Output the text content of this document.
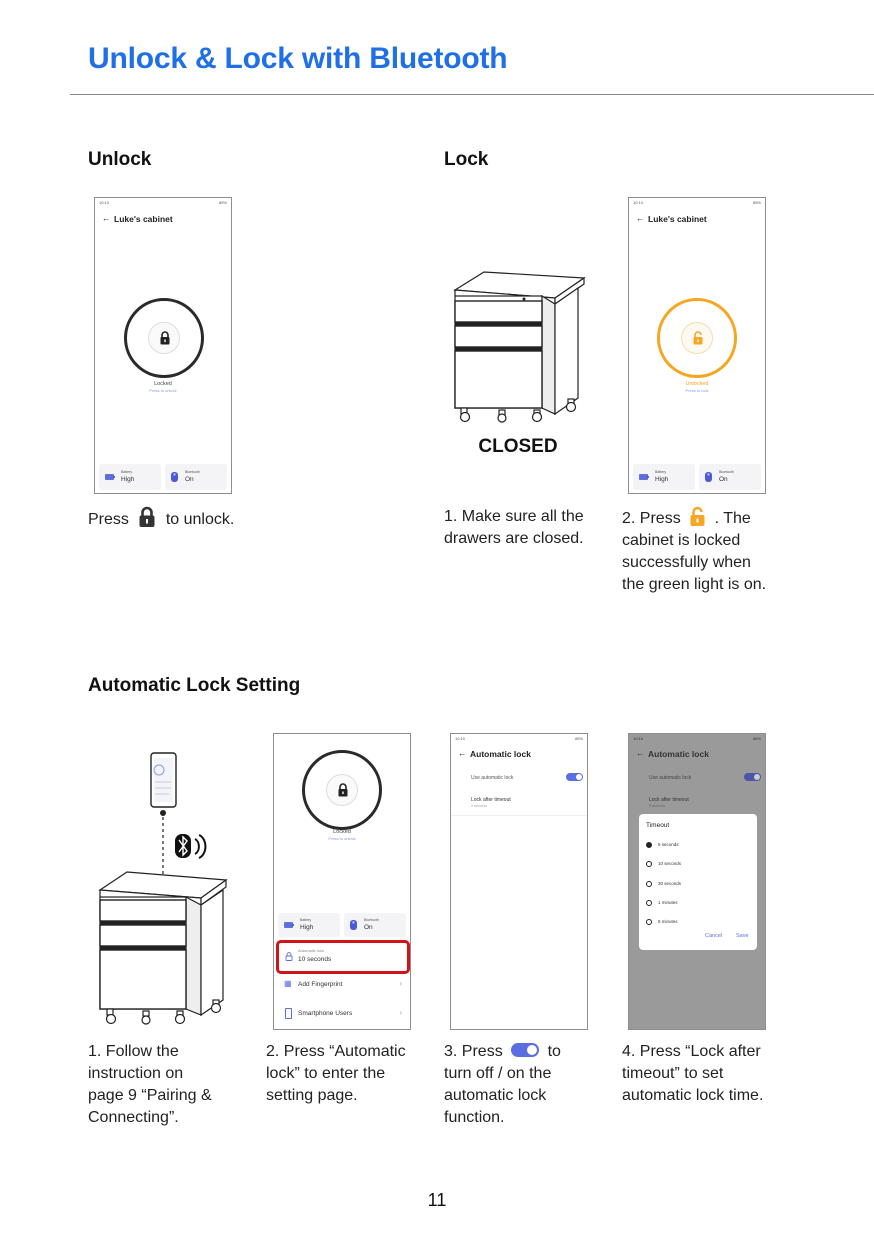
Unlock & Lock with Bluetooth
Unlock
10:10	85%
← Luke's cabinet
Locked
Press to unlock
Battery
High	*
Bluetooth
On
Press to unlock.
Lock
CLOSED
10:10	85%
← Luke's cabinet
Unlocked
Press to lock
Battery
High	*
Bluetooth
On
1. Make sure all the
drawers are closed.
2. Press . The
cabinet is locked
successfully when
the green light is on.
Automatic Lock Setting
Locked
Press to unlock
Battery
High	*
Bluetooth
On
Automatic lock
10 seconds
▦ Add Fingerprint	›
Smartphone Users	›
10:10	85%
← Automatic lock
Use automatic lock
Lock after timeout
5 seconds
10:10	85%
← Automatic lock
Use automatic lock
Lock after timeout
5 seconds
Timeout
5 seconds
10 seconds
30 seconds
1 minutes
5 minutes
Cancel	Save
1. Follow the
instruction on
page 9 “Pairing &
Connecting”.
2. Press “Automatic
lock” to enter the
setting page.
3. Press	to
turn off / on the
automatic lock
function.
4. Press “Lock after
timeout” to set
automatic lock time.
11
